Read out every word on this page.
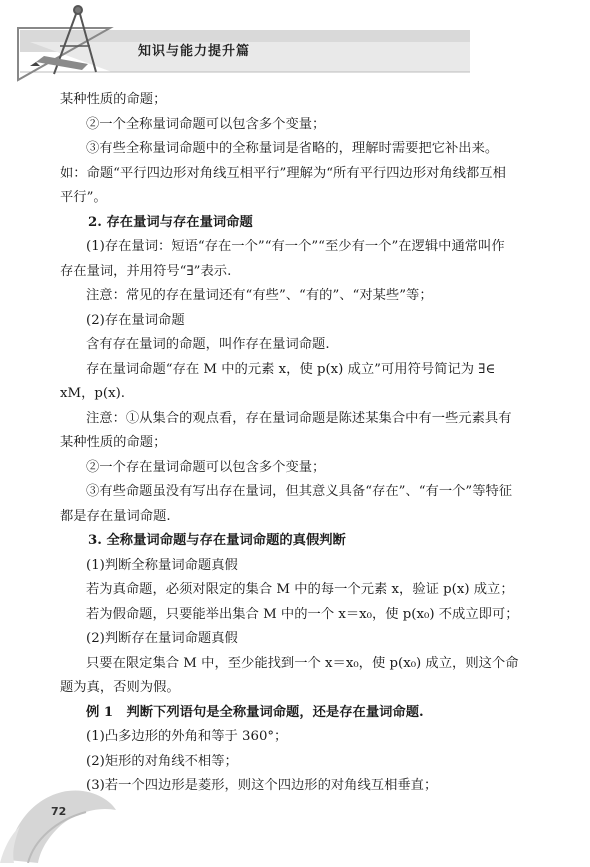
知识与能力提升篇

某种性质的命题；

②一个全称量词命题可以包含多个变量；

③有些全称量词命题中的全称量词是省略的，理解时需要把它补出来。

如：命题“平行四边形对角线互相平行”理解为“所有平行四边形对角线都互相

平行”。

2. 存在量词与存在量词命题

(1)存在量词：短语“存在一个”“有一个”“至少有一个”在逻辑中通常叫作

存在量词，并用符号“∃”表示.

注意：常见的存在量词还有“有些”、“有的”、“对某些”等；

(2)存在量词命题

含有存在量词的命题，叫作存在量词命题.

存在量词命题“存在 M 中的元素 x，使 p(x) 成立”可用符号简记为 ∃∈

xM，p(x).

注意：①从集合的观点看，存在量词命题是陈述某集合中有一些元素具有

某种性质的命题；

②一个存在量词命题可以包含多个变量；

③有些命题虽没有写出存在量词，但其意义具备“存在”、“有一个”等特征

都是存在量词命题.

3. 全称量词命题与存在量词命题的真假判断

(1)判断全称量词命题真假

若为真命题，必须对限定的集合 M 中的每一个元素 x，验证 p(x) 成立；

若为假命题，只要能举出集合 M 中的一个 x＝x₀，使 p(x₀) 不成立即可；

(2)判断存在量词命题真假

只要在限定集合 M 中，至少能找到一个 x＝x₀，使 p(x₀) 成立，则这个命

题为真，否则为假。

例 1　判断下列语句是全称量词命题，还是存在量词命题.

(1)凸多边形的外角和等于 360°；

(2)矩形的对角线不相等；

(3)若一个四边形是菱形，则这个四边形的对角线互相垂直；

72
